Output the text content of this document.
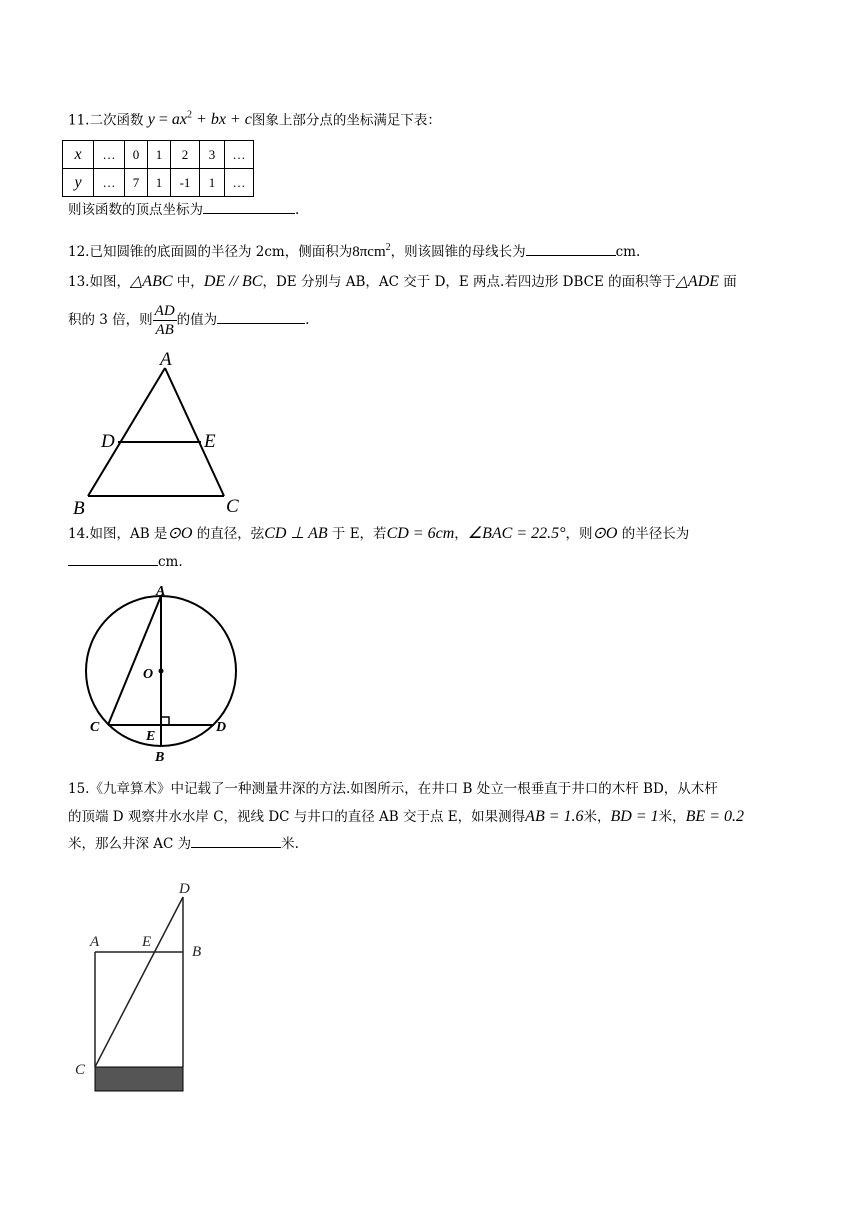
11.二次函数 $y = ax^2$ + bx + c图象上部分点的坐标满足下表：
x	…	0	1	2	3	…
y	…	7	1	-1	1	…
则该函数的顶点坐标为	.
12.已知圆锥的底面圆的半径为 2cm，侧面积为8πcm$^2$，则该圆锥的母线长为	cm.
13.如图，△ABC 中，DE // BC，DE 分别与 AB，AC 交于 D，E 两点.若四边形 DBCE 的面积等于△ADE 面
积的 3 倍，则 $\frac{AD}{AB}$ 的值为	.
A
D	E
B	C
14.如图，AB 是⊙O 的直径，弦CD ⊥ AB 于 E，若CD = 6cm，∠BAC = 22.5°，则⊙O 的半径长为
cm.
A
O
C	D
E
B
15.《九章算术》中记载了一种测量井深的方法.如图所示，在井口 B 处立一根垂直于井口的木杆 BD，从木杆
的顶端 D 观察井水水岸 C，视线 DC 与井口的直径 AB 交于点 E，如果测得AB = 1.6米，BD = 1米，BE = 0.2
米，那么井深 AC 为	米.
D
A	E
B
C
